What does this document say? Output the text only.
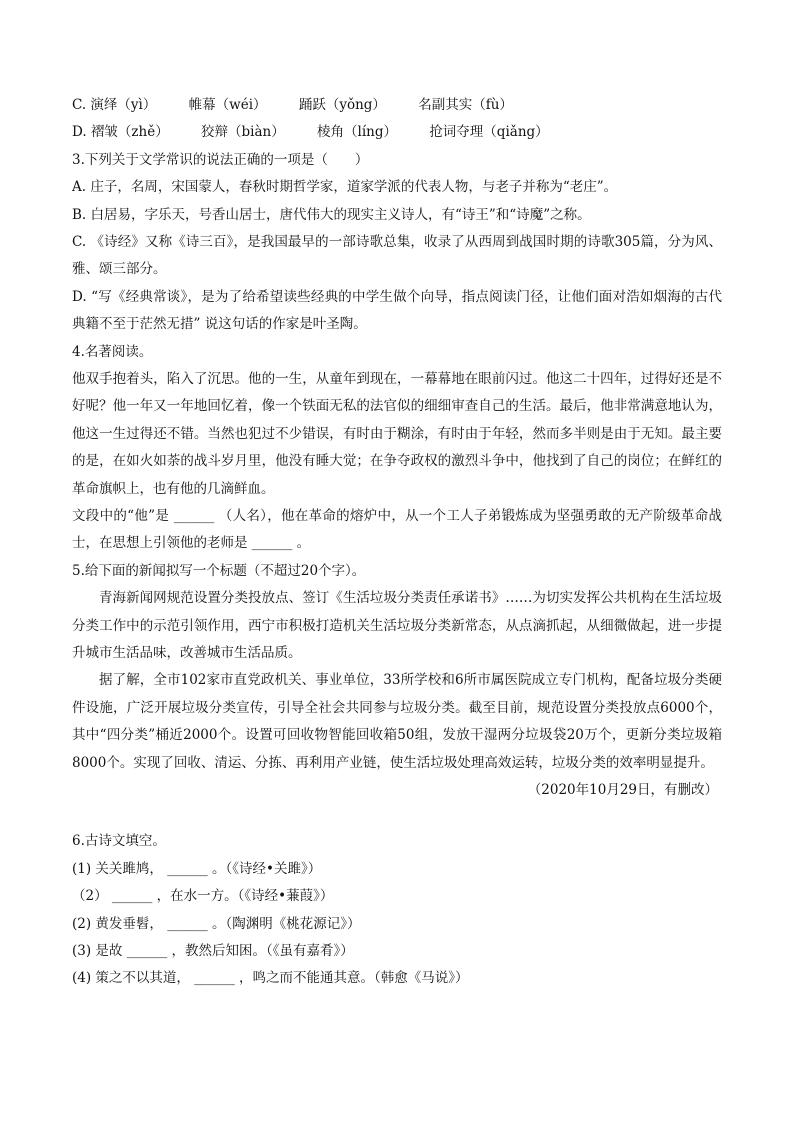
C. 演绎（yì） 帷幕（wéi） 踊跃（yǒng） 名副其实（fù）
D. 褶皱（zhě） 狡辩（biàn） 棱角（líng） 抢词夺理（qiǎng）
3.下列关于文学常识的说法正确的一项是（　　）
A. 庄子，名周，宋国蒙人，春秋时期哲学家，道家学派的代表人物，与老子并称为“老庄”。
B. 白居易，字乐天，号香山居士，唐代伟大的现实主义诗人，有“诗王”和“诗魔”之称。
C. 《诗经》又称《诗三百》，是我国最早的一部诗歌总集，收录了从西周到战国时期的诗歌305篇，分为风、雅、颂三部分。
D. “写《经典常谈》，是为了给希望读些经典的中学生做个向导，指点阅读门径，让他们面对浩如烟海的古代典籍不至于茫然无措” 说这句话的作家是叶圣陶。
4.名著阅读。
他双手抱着头，陷入了沉思。他的一生，从童年到现在，一幕幕地在眼前闪过。他这二十四年，过得好还是不好呢？他一年又一年地回忆着，像一个铁面无私的法官似的细细审查自己的生活。最后，他非常满意地认为，他这一生过得还不错。当然也犯过不少错误，有时由于糊涂，有时由于年轻，然而多半则是由于无知。最主要的是，在如火如荼的战斗岁月里，他没有睡大觉；在争夺政权的激烈斗争中，他找到了自己的岗位；在鲜红的革命旗帜上，也有他的几滴鲜血。
文段中的“他”是 ______ （人名），他在革命的熔炉中，从一个工人子弟锻炼成为坚强勇敢的无产阶级革命战士，在思想上引领他的老师是 ______ 。
5.给下面的新闻拟写一个标题（不超过20个字）。
青海新闻网规范设置分类投放点、签订《生活垃圾分类责任承诺书》……为切实发挥公共机构在生活垃圾分类工作中的示范引领作用，西宁市积极打造机关生活垃圾分类新常态，从点滴抓起，从细微做起，进一步提升城市生活品味，改善城市生活品质。
据了解，全市102家市直党政机关、事业单位，33所学校和6所市属医院成立专门机构，配备垃圾分类硬件设施，广泛开展垃圾分类宣传，引导全社会共同参与垃圾分类。截至目前，规范设置分类投放点6000个，其中“四分类”桶近2000个。设置可回收物智能回收箱50组，发放干湿两分垃圾袋20万个，更新分类垃圾箱8000个。实现了回收、清运、分拣、再利用产业链，使生活垃圾处理高效运转，垃圾分类的效率明显提升。
（2020年10月29日，有删改）
6.古诗文填空。
(1) 关关雎鸠， ______ 。（《诗经•关雎》）
（2） ______ ，在水一方。（《诗经•蒹葭》）
(2) 黄发垂髫， ______ 。（陶渊明《桃花源记》）
(3) 是故 ______ ，教然后知困。（《虽有嘉肴》）
(4) 策之不以其道， ______ ，鸣之而不能通其意。（韩愈《马说》）
